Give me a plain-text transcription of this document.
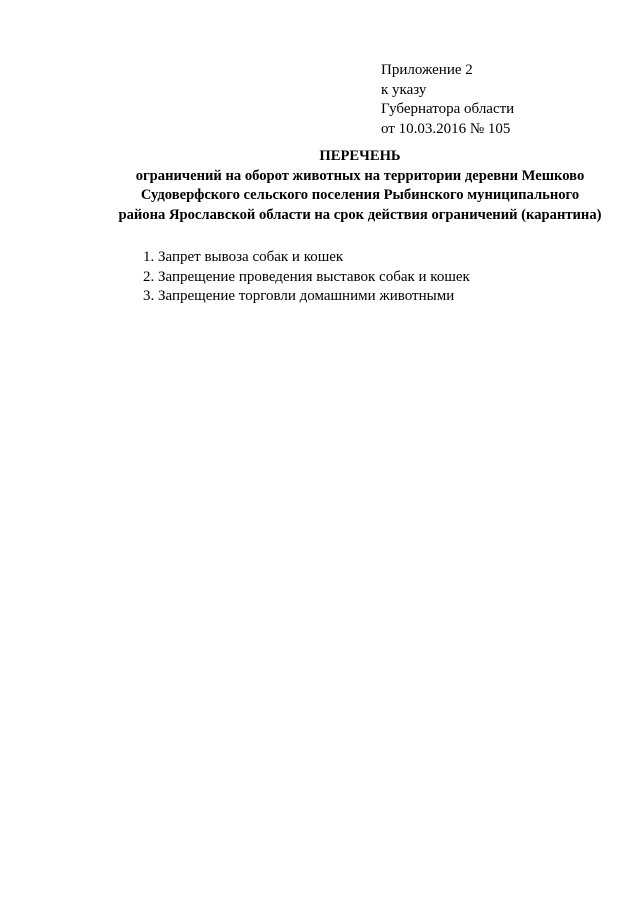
Приложение 2
к указу
Губернатора области
от 10.03.2016 № 105
ПЕРЕЧЕНЬ
ограничений на оборот животных на территории деревни Мешково
Судоверфского сельского поселения Рыбинского муниципального
района Ярославской области на срок действия ограничений (карантина)
1. Запрет вывоза собак и кошек
2. Запрещение проведения выставок собак и кошек
3. Запрещение торговли домашними животными
